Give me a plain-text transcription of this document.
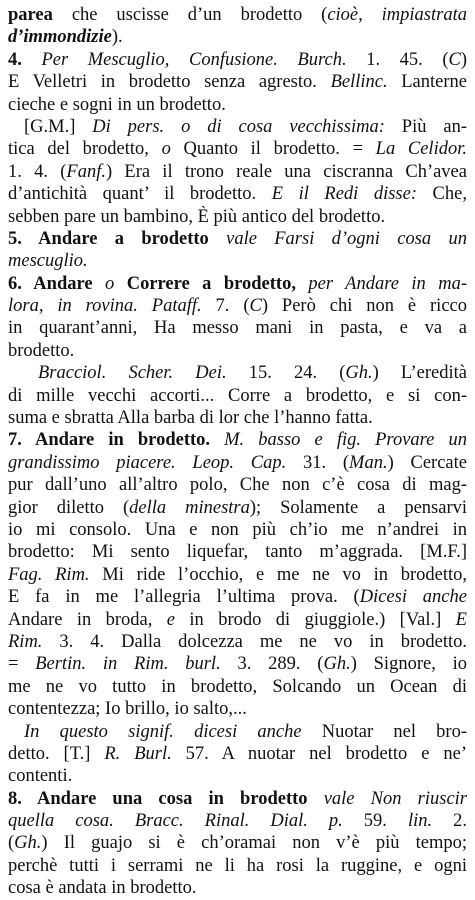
parea che uscisse d’un brodetto (cioè, impiastrata
d’immondizie).
4. Per Mescuglio, Confusione. Burch. 1. 45. (C)
E Velletri in brodetto senza agresto. Bellinc. Lanterne
cieche e sogni in un brodetto.
[G.M.] Di pers. o di cosa vecchissima: Più an-
tica del brodetto, o Quanto il brodetto. = La Celidor.
1. 4. (Fanf.) Era il trono reale una ciscranna Ch’avea
d’antichità quant’ il brodetto. E il Redi disse: Che,
sebben pare un bambino, È più antico del brodetto.
5. Andare a brodetto vale Farsi d’ogni cosa un
mescuglio.
6. Andare o Correre a brodetto, per Andare in ma-
lora, in rovina. Pataff. 7. (C) Però chi non è ricco
in quarant’anni, Ha messo mani in pasta, e va a
brodetto.
Bracciol. Scher. Dei. 15. 24. (Gh.) L’eredità
di mille vecchi accorti... Corre a brodetto, e si con-
suma e sbratta Alla barba di lor che l’hanno fatta.
7. Andare in brodetto. M. basso e fig. Provare un
grandissimo piacere. Leop. Cap. 31. (Man.) Cercate
pur dall’uno all’altro polo, Che non c’è cosa di mag-
gior diletto (della minestra); Solamente a pensarvi
io mi consolo. Una e non più ch’io me n’andrei in
brodetto: Mi sento liquefar, tanto m’aggrada. [M.F.]
Fag. Rim. Mi ride l’occhio, e me ne vo in brodetto,
E fa in me l’allegria l’ultima prova. (Dicesi anche
Andare in broda, e in brodo di giuggiole.) [Val.] E
Rim. 3. 4. Dalla dolcezza me ne vo in brodetto.
= Bertin. in Rim. burl. 3. 289. (Gh.) Signore, io
me ne vo tutto in brodetto, Solcando un Ocean di
contentezza; Io brillo, io salto,...
In questo signif. dicesi anche Nuotar nel bro-
detto. [T.] R. Burl. 57. A nuotar nel brodetto e ne’
contenti.
8. Andare una cosa in brodetto vale Non riuscir
quella cosa. Bracc. Rinal. Dial. p. 59. lin. 2.
(Gh.) Il guajo si è ch’oramai non v’è più tempo;
perchè tutti i serrami ne li ha rosi la ruggine, e ogni
cosa è andata in brodetto.
